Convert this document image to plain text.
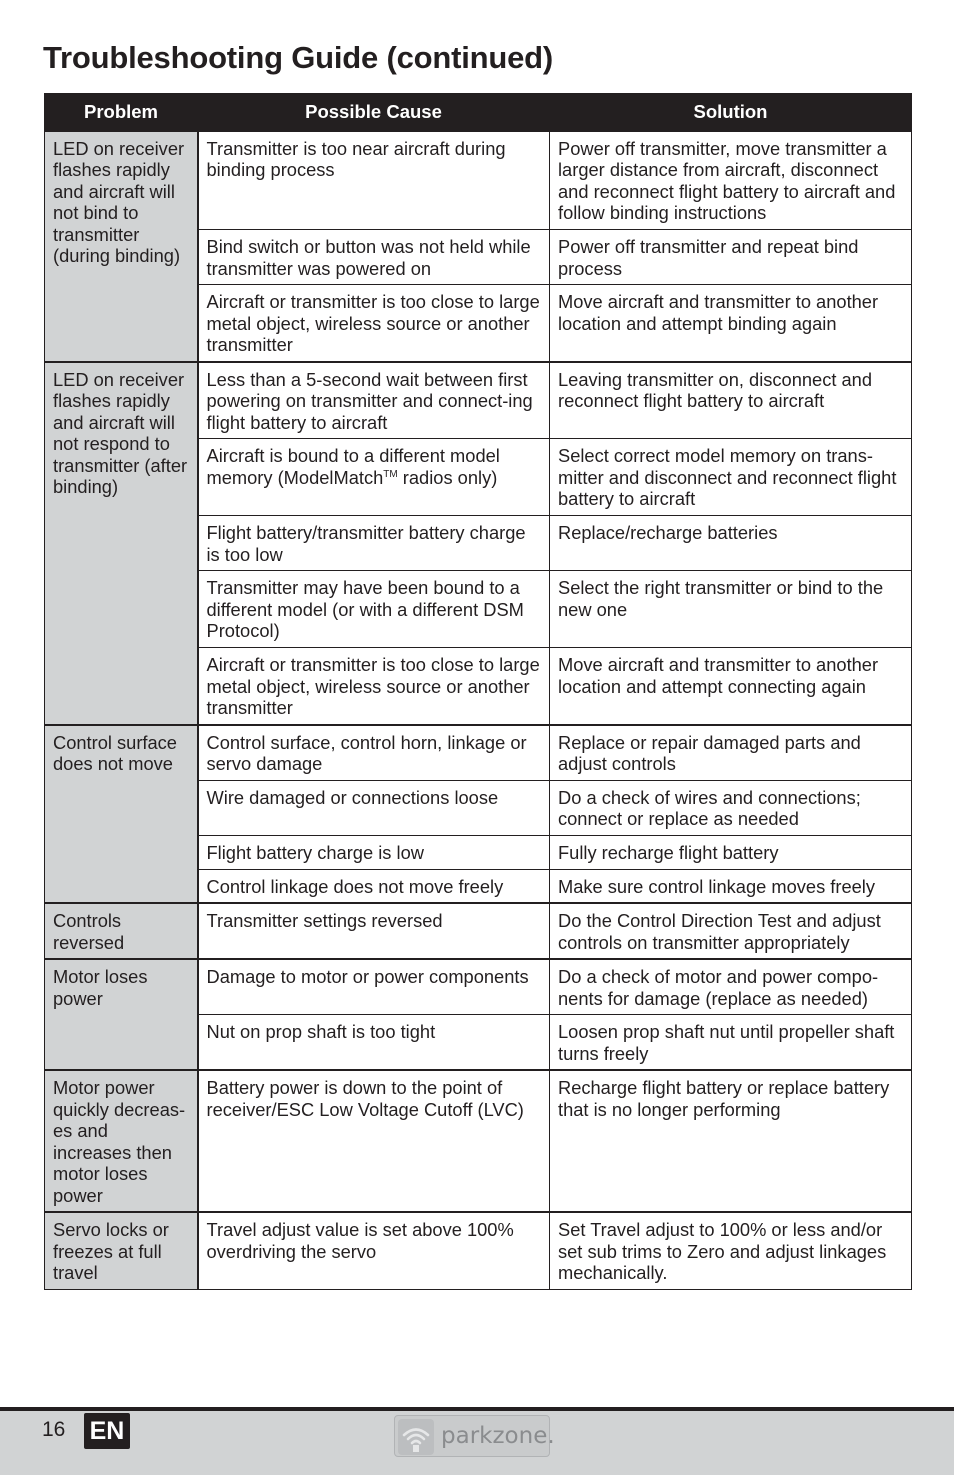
Troubleshooting Guide (continued)
Problem	Possible Cause	Solution
LED on receiver flashes rapidly and aircraft will not bind to transmitter (during binding)	Transmitter is too near aircraft during binding process	Power off transmitter, move transmitter a larger distance from aircraft, disconnect and reconnect flight battery to aircraft and follow binding instructions
	Bind switch or button was not held while transmitter was powered on	Power off transmitter and repeat bind process
	Aircraft or transmitter is too close to large metal object, wireless source or another transmitter	Move aircraft and transmitter to another location and attempt binding again
LED on receiver flashes rapidly and aircraft will not respond to transmitter (after binding)	Less than a 5-second wait between first powering on transmitter and connect-ing flight battery to aircraft	Leaving transmitter on, disconnect and reconnect flight battery to aircraft
	Aircraft is bound to a different model memory (ModelMatch™ radios only)	Select correct model memory on trans-mitter and disconnect and reconnect flight battery to aircraft
	Flight battery/transmitter battery charge is too low	Replace/recharge batteries
	Transmitter may have been bound to a different model (or with a different DSM Protocol)	Select the right transmitter or bind to the new one
	Aircraft or transmitter is too close to large metal object, wireless source or another transmitter	Move aircraft and transmitter to another location and attempt connecting again
Control surface does not move	Control surface, control horn, linkage or servo damage	Replace or repair damaged parts and adjust controls
	Wire damaged or connections loose	Do a check of wires and connections; connect or replace as needed
	Flight battery charge is low	Fully recharge flight battery
	Control linkage does not move freely	Make sure control linkage moves freely
Controls reversed	Transmitter settings reversed	Do the Control Direction Test and adjust controls on transmitter appropriately
Motor loses power	Damage to motor or power components	Do a check of motor and power compo-nents for damage (replace as needed)
	Nut on prop shaft is too tight	Loosen prop shaft nut until propeller shaft turns freely
Motor power quickly decreas-es and increases then motor loses power	Battery power is down to the point of receiver/ESC Low Voltage Cutoff (LVC)	Recharge flight battery or replace battery that is no longer performing
Servo locks or freezes at full travel	Travel adjust value is set above 100% overdriving the servo	Set Travel adjust to 100% or less and/or set sub trims to Zero and adjust linkages mechanically.
16 EN	parkzone.
